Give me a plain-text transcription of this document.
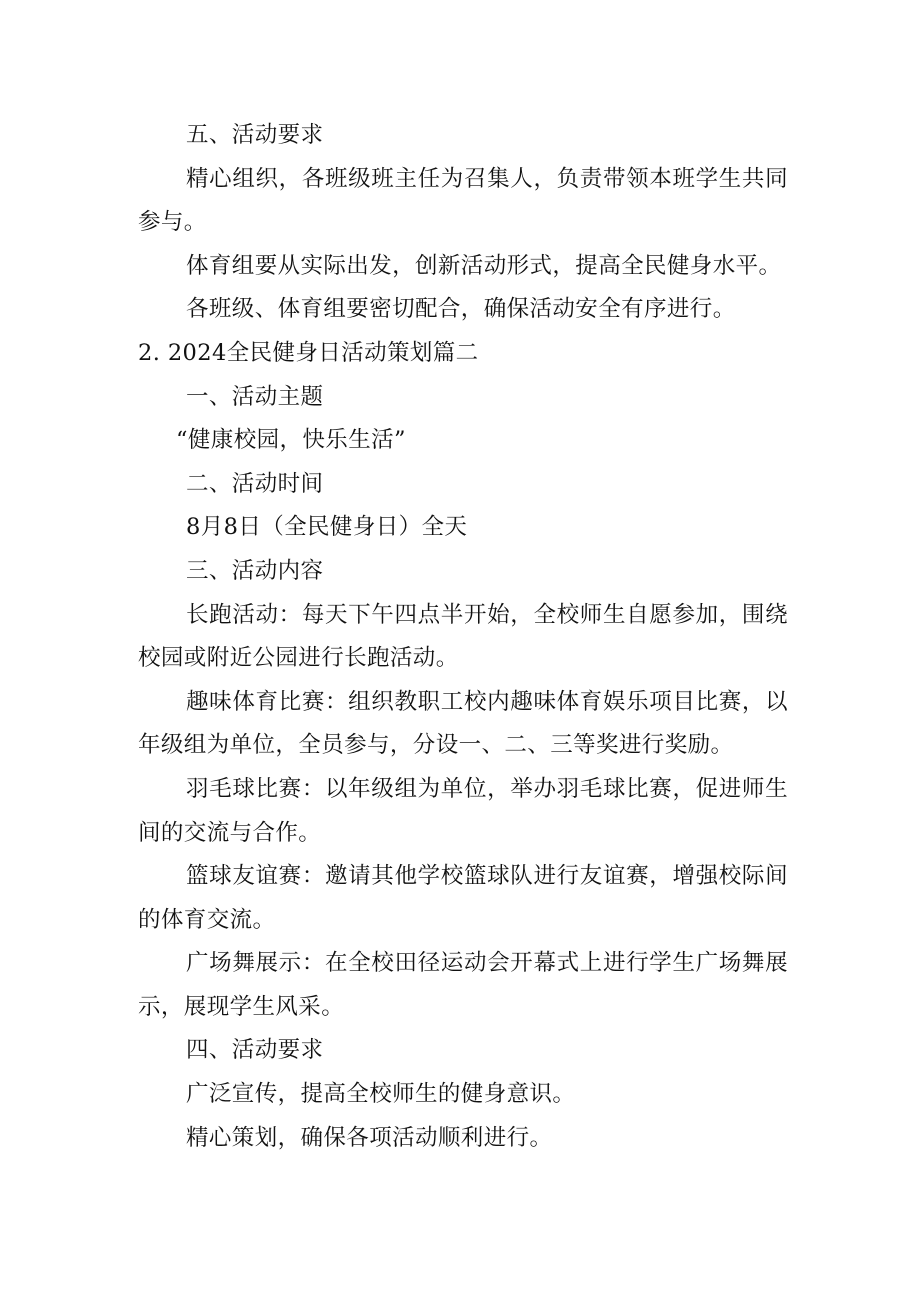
五、活动要求

精心组织，各班级班主任为召集人，负责带领本班学生共同参与。

体育组要从实际出发，创新活动形式，提高全民健身水平。

各班级、体育组要密切配合，确保活动安全有序进行。

2. 2024全民健身日活动策划篇二

一、活动主题

“健康校园，快乐生活”

二、活动时间

8月8日（全民健身日）全天

三、活动内容

长跑活动：每天下午四点半开始，全校师生自愿参加，围绕校园或附近公园进行长跑活动。

趣味体育比赛：组织教职工校内趣味体育娱乐项目比赛，以年级组为单位，全员参与，分设一、二、三等奖进行奖励。

羽毛球比赛：以年级组为单位，举办羽毛球比赛，促进师生间的交流与合作。

篮球友谊赛：邀请其他学校篮球队进行友谊赛，增强校际间的体育交流。

广场舞展示：在全校田径运动会开幕式上进行学生广场舞展示，展现学生风采。

四、活动要求

广泛宣传，提高全校师生的健身意识。

精心策划，确保各项活动顺利进行。
